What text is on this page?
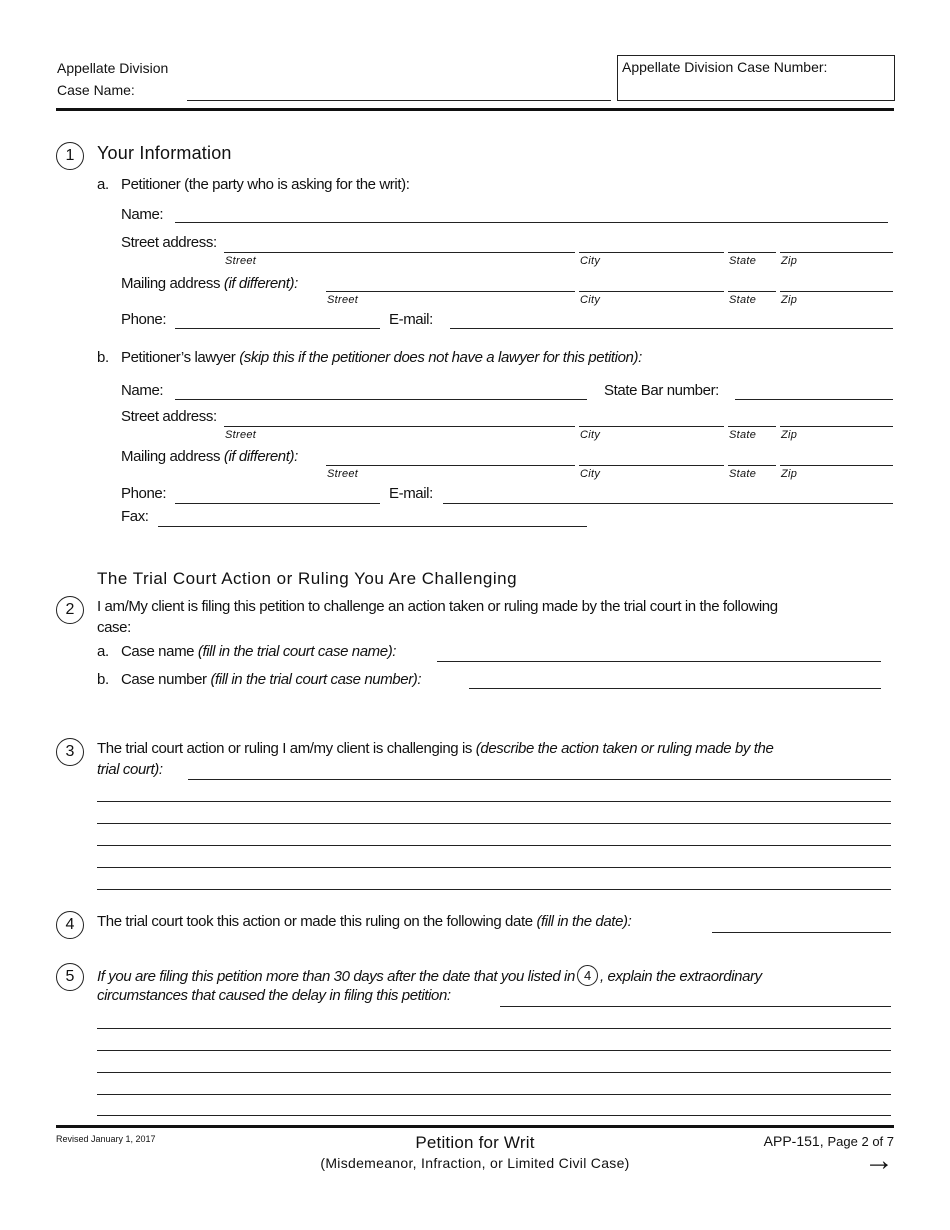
Appellate Division
Case Name:
Appellate Division Case Number:
1	Your Information
a. Petitioner (the party who is asking for the writ):
Name:
Street address:
Street	City	State Zip
Mailing address (if different):
Street	City	State Zip
Phone:	E-mail:
b. Petitioner’s lawyer (skip this if the petitioner does not have a lawyer for this petition):
Name:	State Bar number:
Street address:
Street	City	State Zip
Mailing address (if different):
Street	City	State Zip
Phone:	E-mail:
Fax:
The Trial Court Action or Ruling You Are Challenging
2	I am/My client is filing this petition to challenge an action taken or ruling made by the trial court in the following
case:
a. Case name (fill in the trial court case name):
b. Case number (fill in the trial court case number):
3	The trial court action or ruling I am/my client is challenging is (describe the action taken or ruling made by the
trial court):
4	The trial court took this action or made this ruling on the following date (fill in the date):
5	If you are filing this petition more than 30 days after the date that you listed in 4 , explain the extraordinary
circumstances that caused the delay in filing this petition:
Revised January 1, 2017	Petition for Writ
(Misdemeanor, Infraction, or Limited Civil Case)
APP-151, Page 2 of 7
→
